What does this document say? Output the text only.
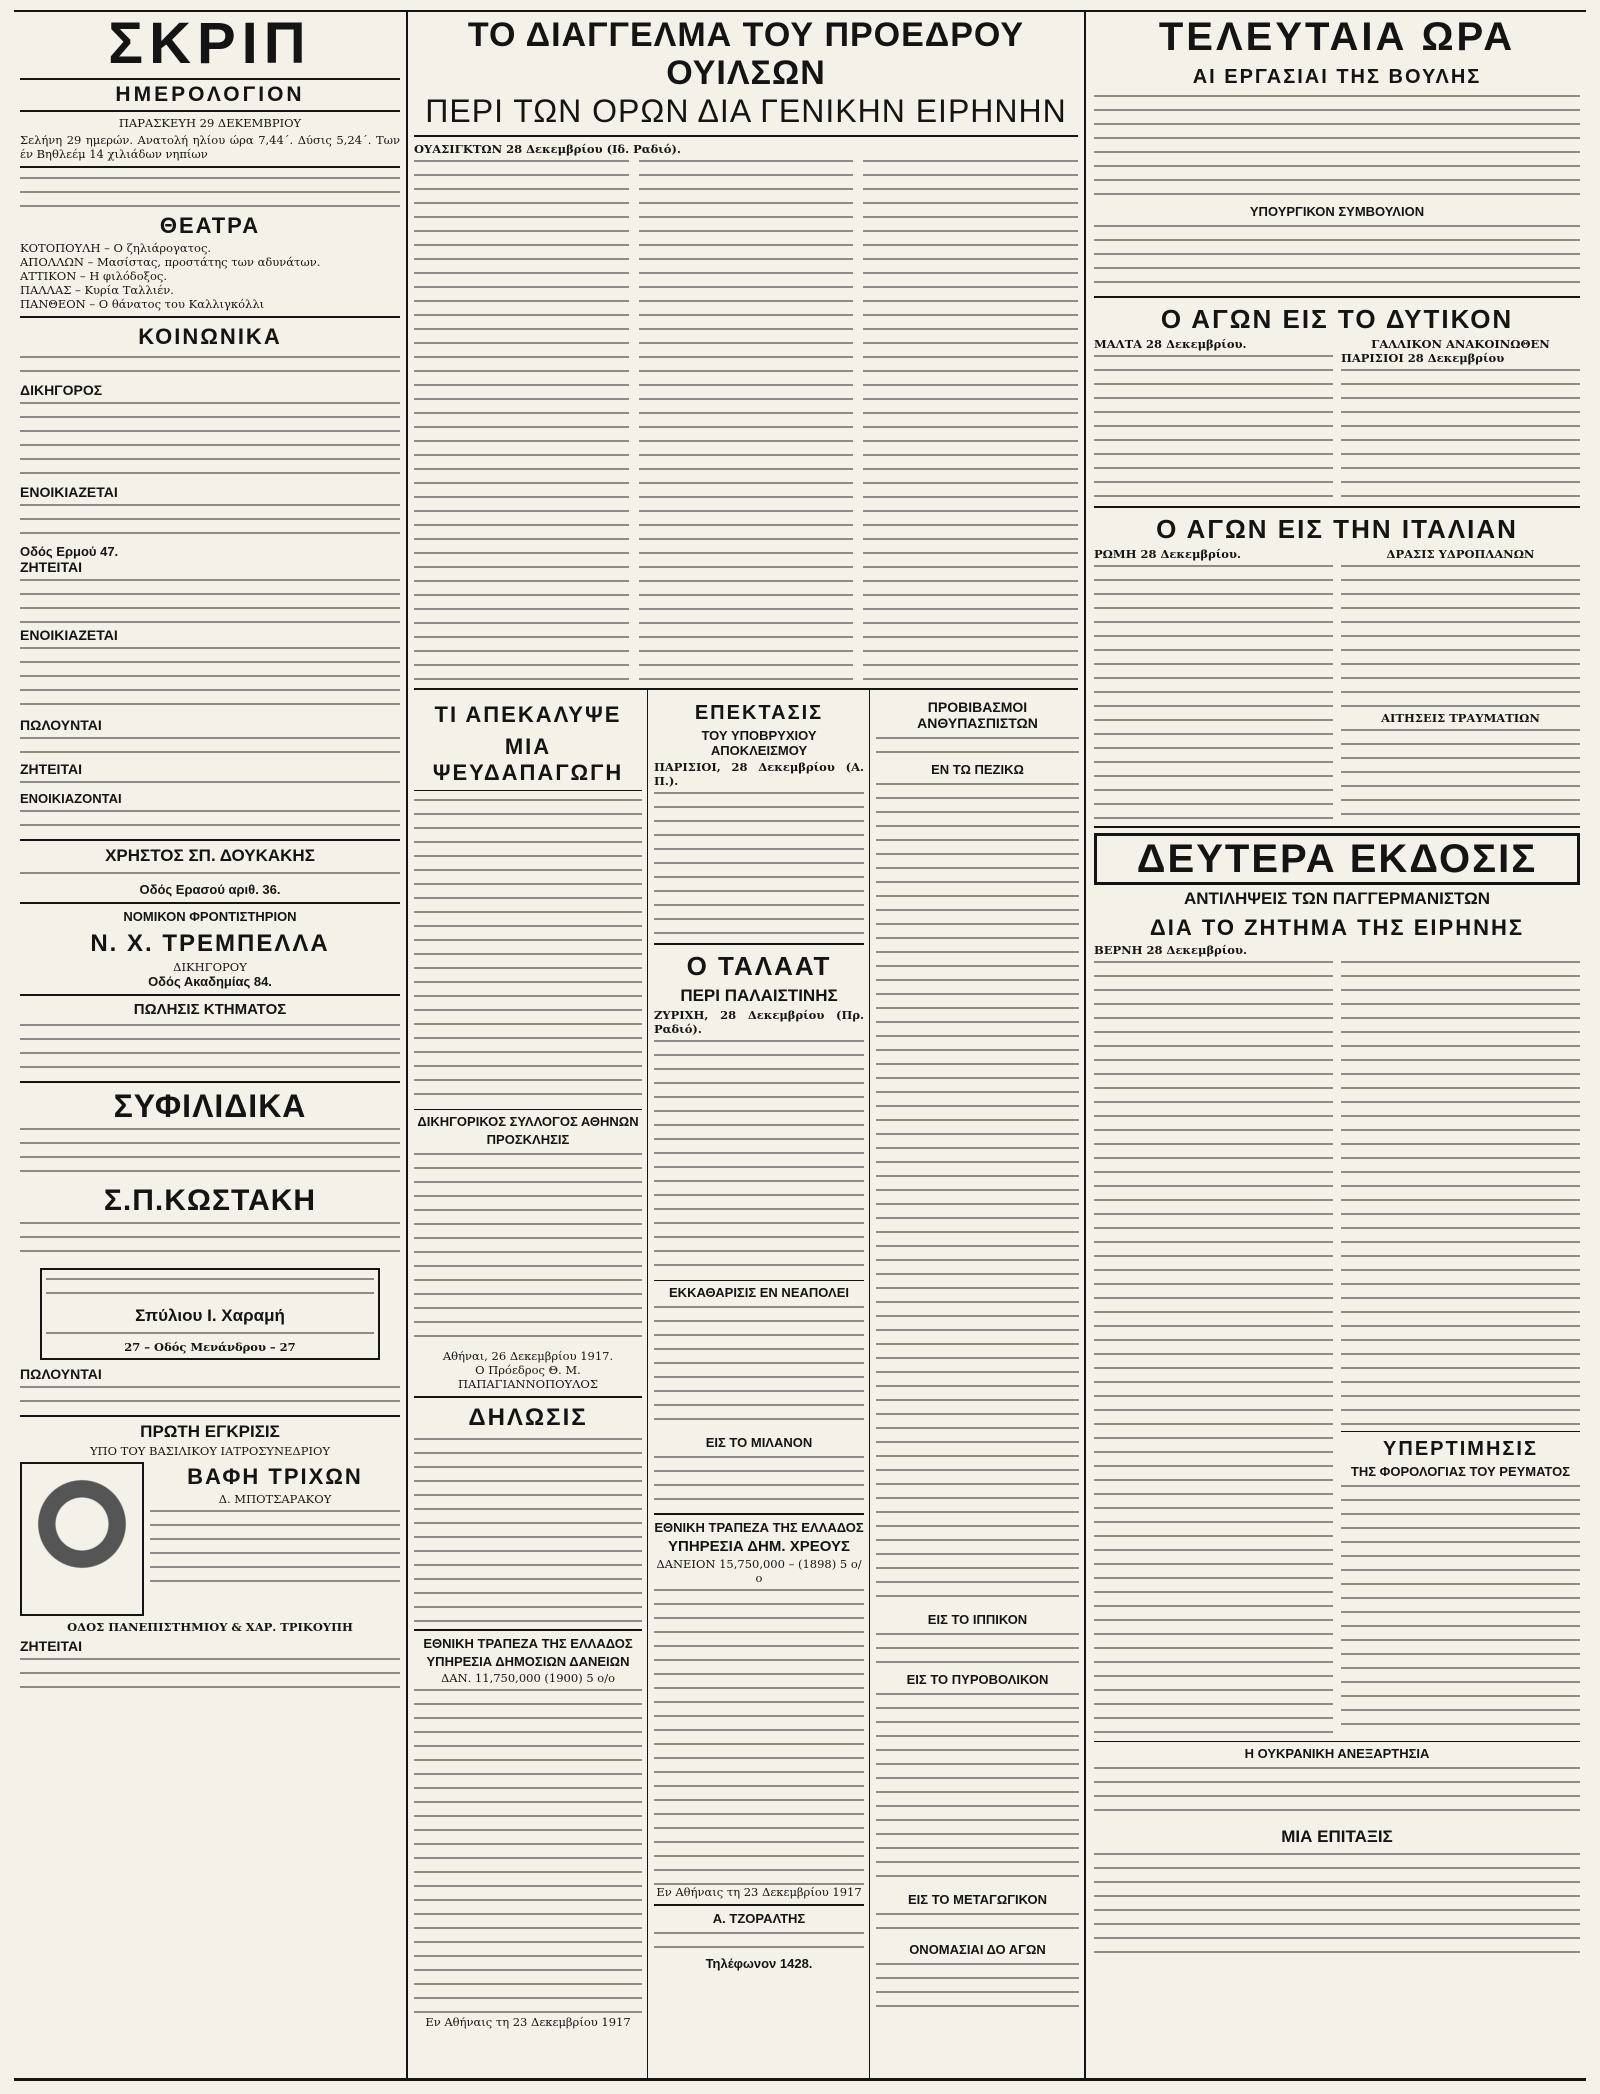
ΣΚΡΙΠ
ΗΜΕΡΟΛΟΓΙΟΝ
ΠΑΡΑΣΚΕΥΗ 29 ΔΕΚΕΜΒΡΙΟΥ
Σελήνη 29 ημερών. Ανατολή ηλίου ώρα 7,44΄. Δύσις 5,24΄. Των έν Βηθλεέμ 14 χιλιάδων νηπίων
ΘΕΑΤΡΑ
ΚΟΤΟΠΟΥΛΗ – Ο ζηλιάρογατος.
ΑΠΟΛΛΩΝ – Μασίστας, προστάτης των αδυνάτων.
ΑΤΤΙΚΟΝ – Η φιλόδοξος.
ΠΑΛΛΑΣ – Κυρία Ταλλιέν.
ΠΑΝΘΕΟΝ – Ο θάνατος του Καλλιγκόλλι
ΚΟΙΝΩΝΙΚΑ
ΔΙΚΗΓΟΡΟΣ
ΕΝΟΙΚΙΑΖΕΤΑΙ
Οδός Ερμού 47.
ΖΗΤΕΙΤΑΙ
ΕΝΟΙΚΙΑΖΕΤΑΙ
ΠΩΛΟΥΝΤΑΙ
ΖΗΤΕΙΤΑΙ
ΕΝΟΙΚΙΑΖΟΝΤΑΙ
ΧΡΗΣΤΟΣ ΣΠ. ΔΟΥΚΑΚΗΣ
Οδός Ερασού αριθ. 36.
ΝΟΜΙΚΟΝ ΦΡΟΝΤΙΣΤΗΡΙΟΝ
Ν. Χ. ΤΡΕΜΠΕΛΛΑ
ΔΙΚΗΓΟΡΟΥ
Οδός Ακαδημίας 84.
ΠΩΛΗΣΙΣ ΚΤΗΜΑΤΟΣ
ΣΥΦΙΛΙΔΙΚΑ
Σ.Π.ΚΩΣΤΑΚΗ
Σπύλιου Ι. Χαραμή
27 – Οδός Μενάνδρου – 27
ΠΩΛΟΥΝΤΑΙ
ΠΡΩΤΗ ΕΓΚΡΙΣΙΣ
ΥΠΟ ΤΟΥ ΒΑΣΙΛΙΚΟΥ ΙΑΤΡΟΣΥΝΕΔΡΙΟΥ
ΒΑΦΗ ΤΡΙΧΩΝ
Δ. ΜΠΟΤΣΑΡΑΚΟΥ
ΟΔΟΣ ΠΑΝΕΠΙΣΤΗΜΙΟΥ & ΧΑΡ. ΤΡΙΚΟΥΠΗ
ΖΗΤΕΙΤΑΙ
ΤΟ ΔΙΑΓΓΕΛΜΑ ΤΟΥ ΠΡΟΕΔΡΟΥ ΟΥΙΛΣΩΝ
ΠΕΡΙ ΤΩΝ ΟΡΩΝ ΔΙΑ ΓΕΝΙΚΗΝ ΕΙΡΗΝΗΝ
ΟΥΑΣΙΓΚΤΩΝ 28 Δεκεμβρίου (Ιδ. Ραδιό).
ΤΙ ΑΠΕΚΑΛΥΨΕ
ΜΙΑ ΨΕΥΔΑΠΑΓΩΓΗ
ΔΙΚΗΓΟΡΙΚΟΣ ΣΥΛΛΟΓΟΣ ΑΘΗΝΩΝ
ΠΡΟΣΚΛΗΣΙΣ
Αθήναι, 26 Δεκεμβρίου 1917.
Ο Πρόεδρος Θ. Μ. ΠΑΠΑΓΙΑΝΝΟΠΟΥΛΟΣ
ΔΗΛΩΣΙΣ
ΕΘΝΙΚΗ ΤΡΑΠΕΖΑ ΤΗΣ ΕΛΛΑΔΟΣ
ΥΠΗΡΕΣΙΑ ΔΗΜΟΣΙΩΝ ΔΑΝΕΙΩΝ
ΔΑΝ. 11,750,000 (1900) 5 ο/ο
Εν Αθήναις τη 23 Δεκεμβρίου 1917
ΕΠΕΚΤΑΣΙΣ
ΤΟΥ ΥΠΟΒΡΥΧΙΟΥ ΑΠΟΚΛΕΙΣΜΟΥ
ΠΑΡΙΣΙΟΙ, 28 Δεκεμβρίου (Α. Π.).
Ο ΤΑΛΑΑΤ
ΠΕΡΙ ΠΑΛΑΙΣΤΙΝΗΣ
ΖΥΡΙΧΗ, 28 Δεκεμβρίου (Πρ. Ραδιό).
ΕΚΚΑΘΑΡΙΣΙΣ ΕΝ ΝΕΑΠΟΛΕΙ
ΕΙΣ ΤΟ ΜΙΛΑΝΟΝ
ΕΘΝΙΚΗ ΤΡΑΠΕΖΑ ΤΗΣ ΕΛΛΑΔΟΣ
ΥΠΗΡΕΣΙΑ ΔΗΜ. ΧΡΕΟΥΣ
ΔΑΝΕΙΟΝ 15,750,000 – (1898) 5 ο/ο
Εν Αθήναις τη 23 Δεκεμβρίου 1917
Α. ΤΖΟΡΑΛΤΗΣ
Τηλέφωνον 1428.
ΠΡΟΒΙΒΑΣΜΟΙ ΑΝΘΥΠΑΣΠΙΣΤΩΝ
ΕΝ ΤΩ ΠΕΖΙΚΩ
ΕΙΣ ΤΟ ΙΠΠΙΚΟΝ
ΕΙΣ ΤΟ ΠΥΡΟΒΟΛΙΚΟΝ
ΕΙΣ ΤΟ ΜΕΤΑΓΩΓΙΚΟΝ
ΟΝΟΜΑΣΙΑΙ ΔΟ ΑΓΩΝ
ΤΕΛΕΥΤΑΙΑ ΩΡΑ
ΑΙ ΕΡΓΑΣΙΑΙ ΤΗΣ ΒΟΥΛΗΣ
ΥΠΟΥΡΓΙΚΟΝ ΣΥΜΒΟΥΛΙΟΝ
Ο ΑΓΩΝ ΕΙΣ ΤΟ ΔΥΤΙΚΟΝ
ΜΑΛΤΑ 28 Δεκεμβρίου.	ΓΑΛΛΙΚΟΝ ΑΝΑΚΟΙΝΩΘΕΝ
ΠΑΡΙΣΙΟΙ 28 Δεκεμβρίου
Ο ΑΓΩΝ ΕΙΣ ΤΗΝ ΙΤΑΛΙΑΝ
ΡΩΜΗ 28 Δεκεμβρίου.	ΔΡΑΣΙΣ ΥΔΡΟΠΛΑΝΩΝ
ΑΙΤΗΣΕΙΣ ΤΡΑΥΜΑΤΙΩΝ
ΔΕΥΤΕΡΑ ΕΚΔΟΣΙΣ
ΑΝΤΙΛΗΨΕΙΣ ΤΩΝ ΠΑΓΓΕΡΜΑΝΙΣΤΩΝ
ΔΙΑ ΤΟ ΖΗΤΗΜΑ ΤΗΣ ΕΙΡΗΝΗΣ
ΒΕΡΝΗ 28 Δεκεμβρίου.
ΥΠΕΡΤΙΜΗΣΙΣ
ΤΗΣ ΦΟΡΟΛΟΓΙΑΣ ΤΟΥ ΡΕΥΜΑΤΟΣ
Η ΟΥΚΡΑΝΙΚΗ ΑΝΕΞΑΡΤΗΣΙΑ
ΜΙΑ ΕΠΙΤΑΞΙΣ
